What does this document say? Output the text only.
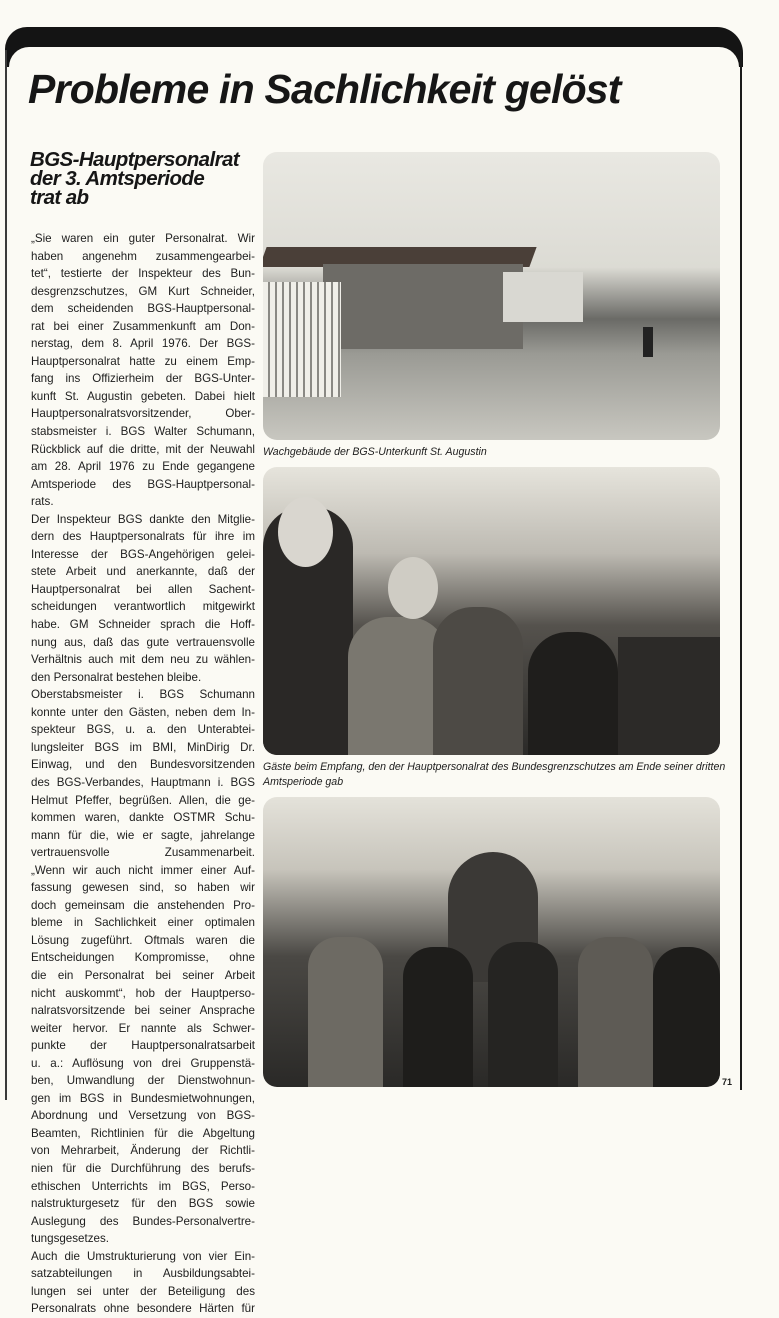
Probleme in Sachlichkeit gelöst
BGS-Hauptpersonalrat
der 3. Amtsperiode
trat ab
„Sie waren ein guter Personalrat. Wir
haben angenehm zusammengearbei-
tet“, testierte der Inspekteur des Bun-
desgrenzschutzes, GM Kurt Schneider,
dem scheidenden BGS-Hauptpersonal-
rat bei einer Zusammenkunft am Don-
nerstag, dem 8. April 1976. Der BGS-
Hauptpersonalrat hatte zu einem Emp-
fang ins Offizierheim der BGS-Unter-
kunft St. Augustin gebeten. Dabei hielt
Hauptpersonalratsvorsitzender, Ober-
stabsmeister i. BGS Walter Schumann,
Rückblick auf die dritte, mit der Neuwahl
am 28. April 1976 zu Ende gegangene
Amtsperiode des BGS-Hauptpersonal-
rats.
Der Inspekteur BGS dankte den Mitglie-
dern des Hauptpersonalrats für ihre im
Interesse der BGS-Angehörigen gelei-
stete Arbeit und anerkannte, daß der
Hauptpersonalrat bei allen Sachent-
scheidungen verantwortlich mitgewirkt
habe. GM Schneider sprach die Hoff-
nung aus, daß das gute vertrauensvolle
Verhältnis auch mit dem neu zu wählen-
den Personalrat bestehen bleibe.
Oberstabsmeister i. BGS Schumann
konnte unter den Gästen, neben dem In-
spekteur BGS, u. a. den Unterabtei-
lungsleiter BGS im BMI, MinDirig Dr.
Einwag, und den Bundesvorsitzenden
des BGS-Verbandes, Hauptmann i. BGS
Helmut Pfeffer, begrüßen. Allen, die ge-
kommen waren, dankte OSTMR Schu-
mann für die, wie er sagte, jahrelange
vertrauensvolle Zusammenarbeit.
„Wenn wir auch nicht immer einer Auf-
fassung gewesen sind, so haben wir
doch gemeinsam die anstehenden Pro-
bleme in Sachlichkeit einer optimalen
Lösung zugeführt. Oftmals waren die
Entscheidungen Kompromisse, ohne
die ein Personalrat bei seiner Arbeit
nicht auskommt“, hob der Hauptperso-
nalratsvorsitzende bei seiner Ansprache
weiter hervor. Er nannte als Schwer-
punkte der Hauptpersonalratsarbeit
u. a.: Auflösung von drei Gruppenstä-
ben, Umwandlung der Dienstwohnun-
gen im BGS in Bundesmietwohnungen,
Abordnung und Versetzung von BGS-
Beamten, Richtlinien für die Abgeltung
von Mehrarbeit, Änderung der Richtli-
nien für die Durchführung des berufs-
ethischen Unterrichts im BGS, Perso-
nalstrukturgesetz für den BGS sowie
Auslegung des Bundes-Personalvertre-
tungsgesetzes.
Auch die Umstrukturierung von vier Ein-
satzabteilungen in Ausbildungsabtei-
lungen sei unter der Beteiligung des
Personalrats ohne besondere Härten für
Wachgebäude der BGS-Unterkunft St. Augustin
Gäste beim Empfang, den der Hauptpersonalrat des Bundesgrenzschutzes am Ende seiner dritten Amtsperiode gab
71
